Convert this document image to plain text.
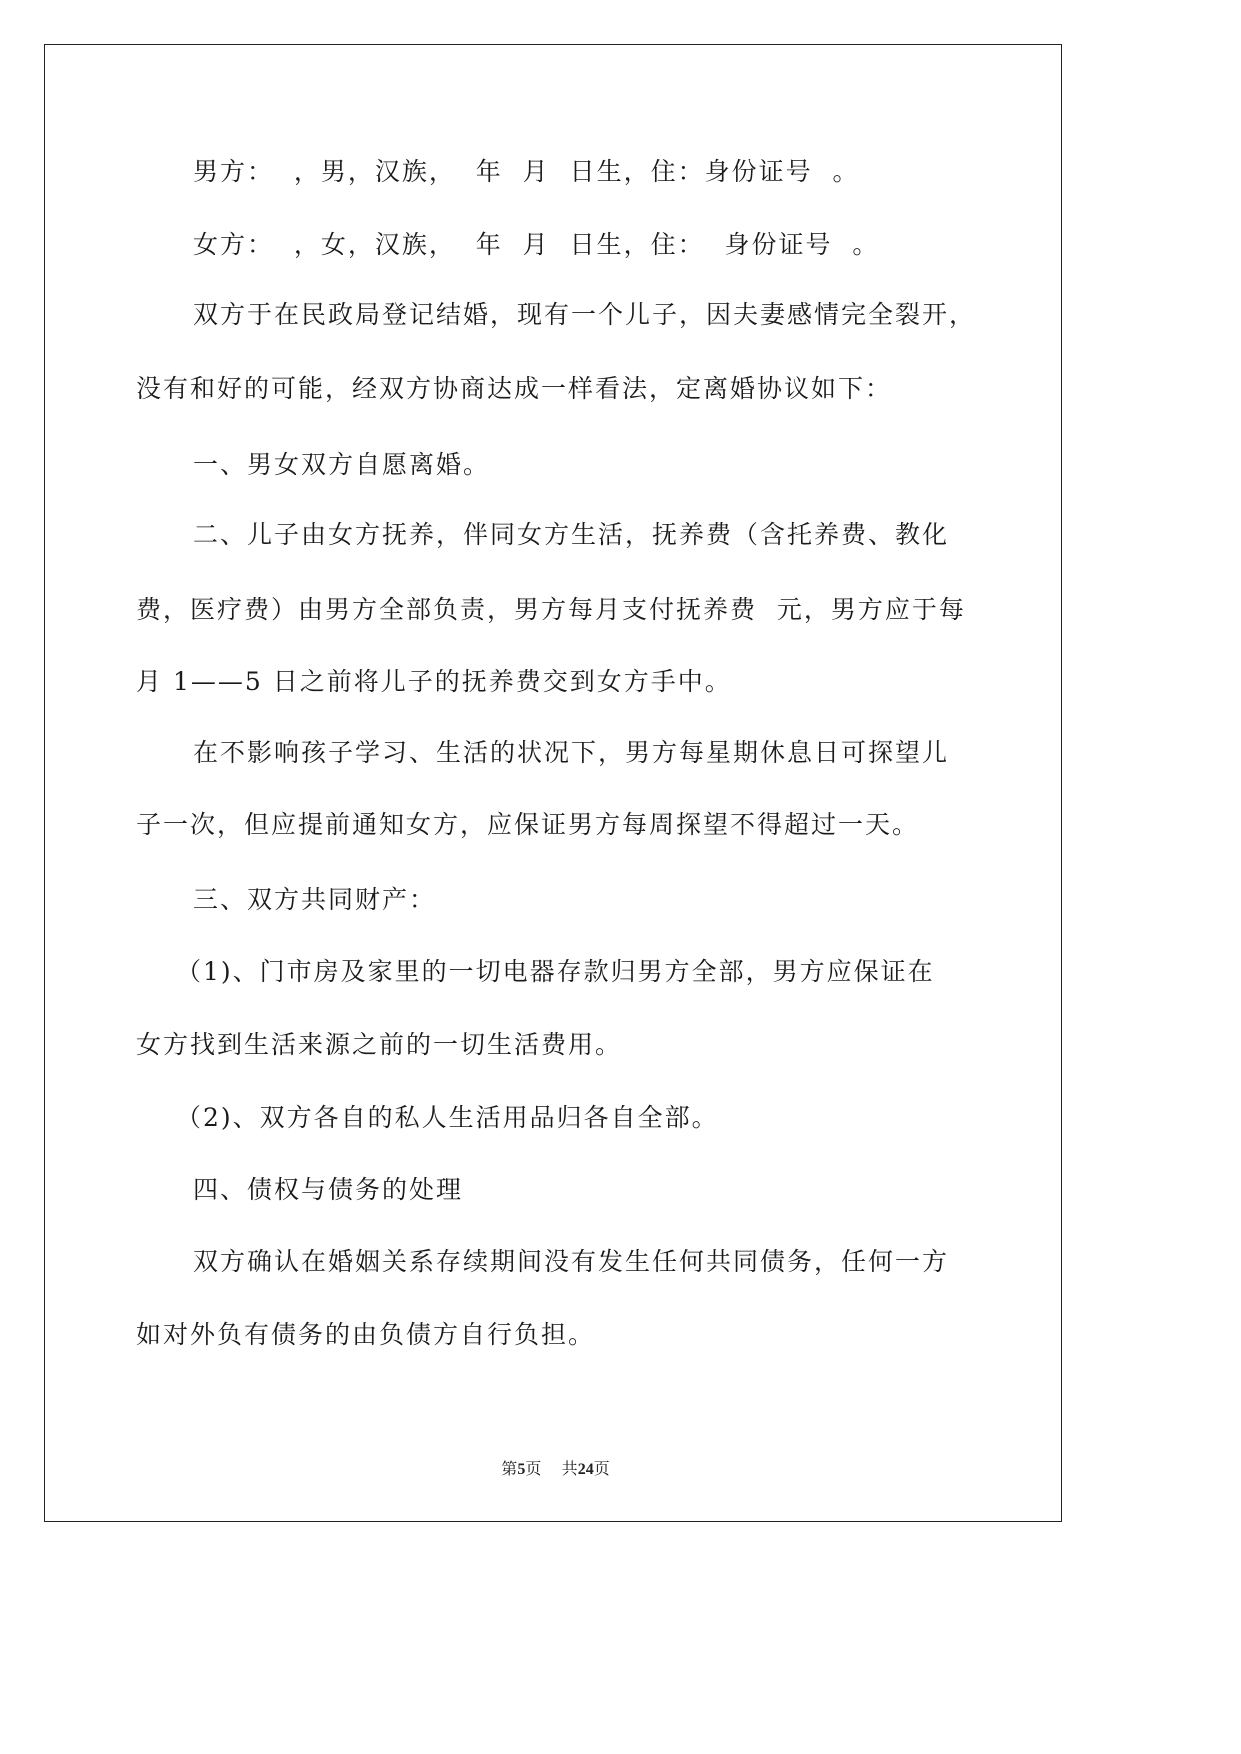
男方：  ，男，汉族，  年  月  日生，住：身份证号  。
女方：  ，女，汉族，  年  月  日生，住：  身份证号  。
双方于在民政局登记结婚，现有一个儿子，因夫妻感情完全裂开，
没有和好的可能，经双方协商达成一样看法，定离婚协议如下：
一、男女双方自愿离婚。
二、儿子由女方抚养，伴同女方生活，抚养费（含托养费、教化
费，医疗费）由男方全部负责，男方每月支付抚养费  元，男方应于每
月 1——5 日之前将儿子的抚养费交到女方手中。
在不影响孩子学习、生活的状况下，男方每星期休息日可探望儿
子一次，但应提前通知女方，应保证男方每周探望不得超过一天。
三、双方共同财产：
（1)、门市房及家里的一切电器存款归男方全部，男方应保证在
女方找到生活来源之前的一切生活费用。
（2)、双方各自的私人生活用品归各自全部。
四、债权与债务的处理
双方确认在婚姻关系存续期间没有发生任何共同债务，任何一方
如对外负有债务的由负债方自行负担。
第5页 共24页
